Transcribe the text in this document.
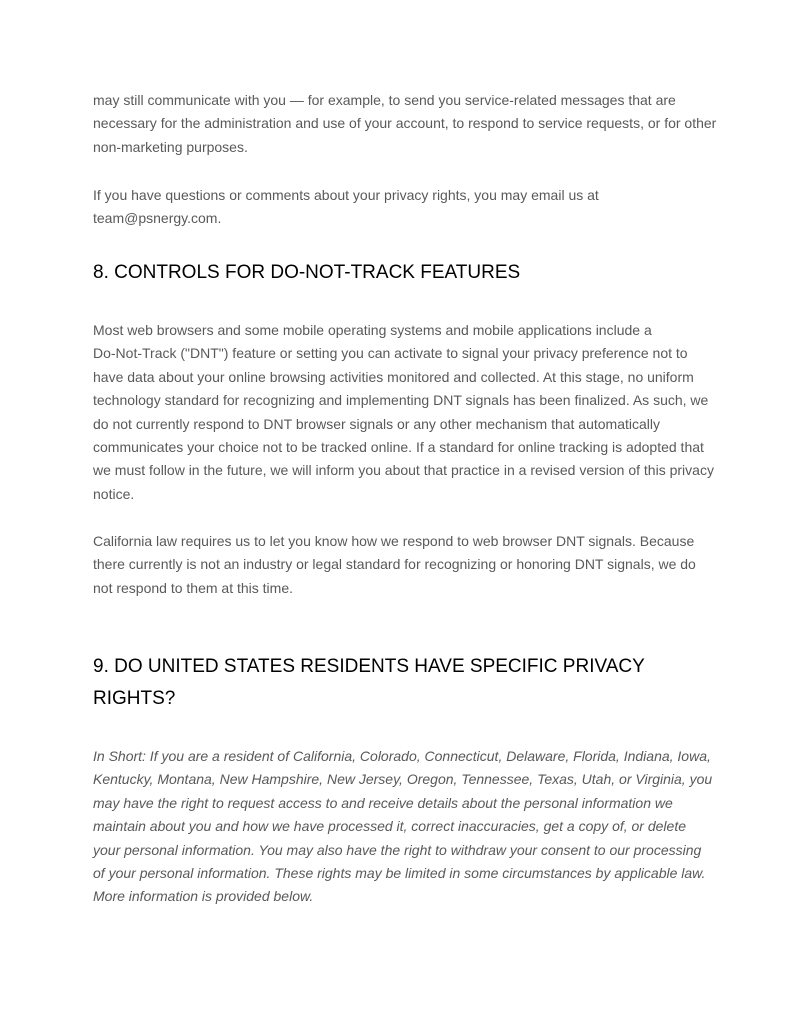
may still communicate with you — for example, to send you service-related messages that are
necessary for the administration and use of your account, to respond to service requests, or for other
non-marketing purposes.
If you have questions or comments about your privacy rights, you may email us at
team@psnergy.com.
8. CONTROLS FOR DO-NOT-TRACK FEATURES
Most web browsers and some mobile operating systems and mobile applications include a
Do-Not-Track ("DNT") feature or setting you can activate to signal your privacy preference not to
have data about your online browsing activities monitored and collected. At this stage, no uniform
technology standard for recognizing and implementing DNT signals has been finalized. As such, we
do not currently respond to DNT browser signals or any other mechanism that automatically
communicates your choice not to be tracked online. If a standard for online tracking is adopted that
we must follow in the future, we will inform you about that practice in a revised version of this privacy
notice.
California law requires us to let you know how we respond to web browser DNT signals. Because
there currently is not an industry or legal standard for recognizing or honoring DNT signals, we do
not respond to them at this time.
9. DO UNITED STATES RESIDENTS HAVE SPECIFIC PRIVACY
RIGHTS?
In Short: If you are a resident of California, Colorado, Connecticut, Delaware, Florida, Indiana, Iowa,
Kentucky, Montana, New Hampshire, New Jersey, Oregon, Tennessee, Texas, Utah, or Virginia, you
may have the right to request access to and receive details about the personal information we
maintain about you and how we have processed it, correct inaccuracies, get a copy of, or delete
your personal information. You may also have the right to withdraw your consent to our processing
of your personal information. These rights may be limited in some circumstances by applicable law.
More information is provided below.
